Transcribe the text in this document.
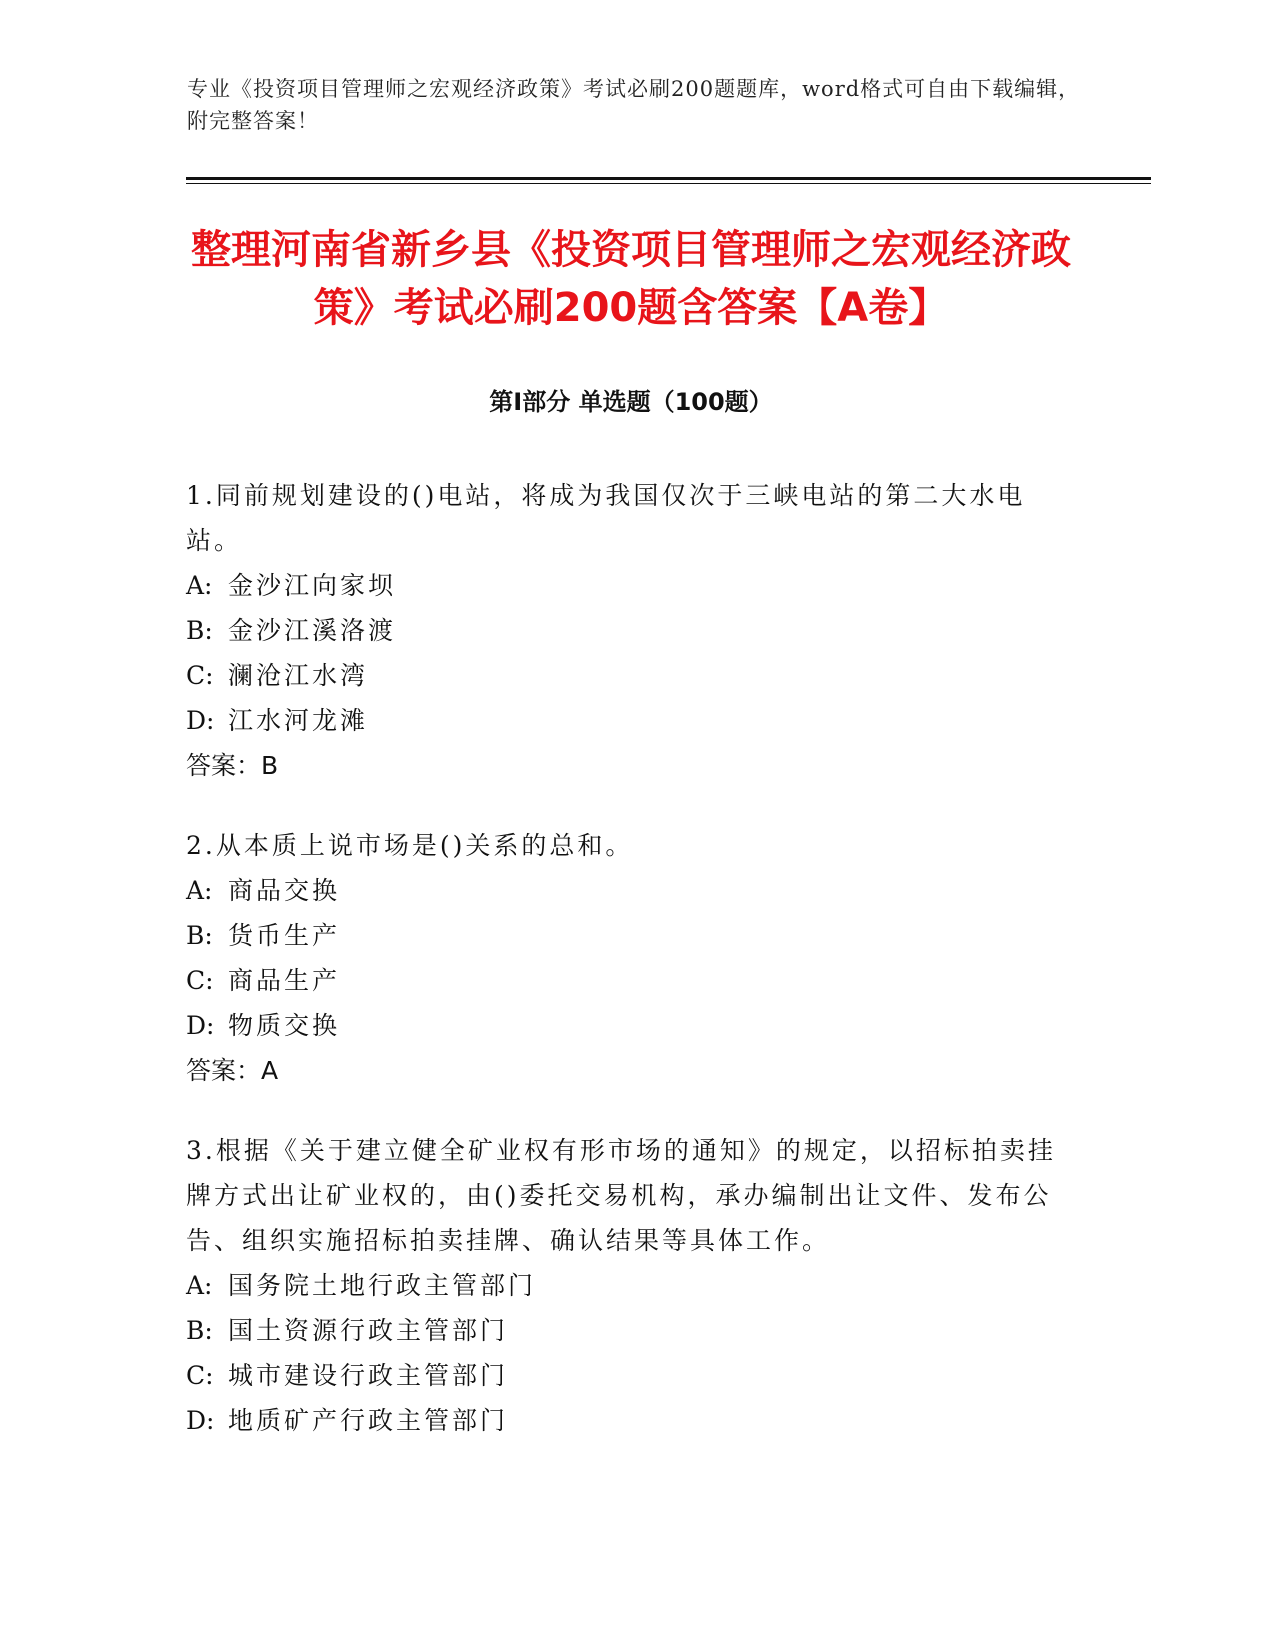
专业《投资项目管理师之宏观经济政策》考试必刷200题题库，word格式可自由下载编辑，附完整答案！
整理河南省新乡县《投资项目管理师之宏观经济政策》考试必刷200题含答案【A卷】
第Ⅰ部分 单选题（100题）

1.同前规划建设的()电站，将成为我国仅次于三峡电站的第二大水电站。

A: 金沙江向家坝

B: 金沙江溪洛渡

C: 澜沧江水湾

D: 江水河龙滩

答案：B

2.从本质上说市场是()关系的总和。

A: 商品交换

B: 货币生产

C: 商品生产

D: 物质交换

答案：A

3.根据《关于建立健全矿业权有形市场的通知》的规定，以招标拍卖挂牌方式出让矿业权的，由()委托交易机构，承办编制出让文件、发布公告、组织实施招标拍卖挂牌、确认结果等具体工作。

A: 国务院土地行政主管部门

B: 国土资源行政主管部门

C: 城市建设行政主管部门

D: 地质矿产行政主管部门
